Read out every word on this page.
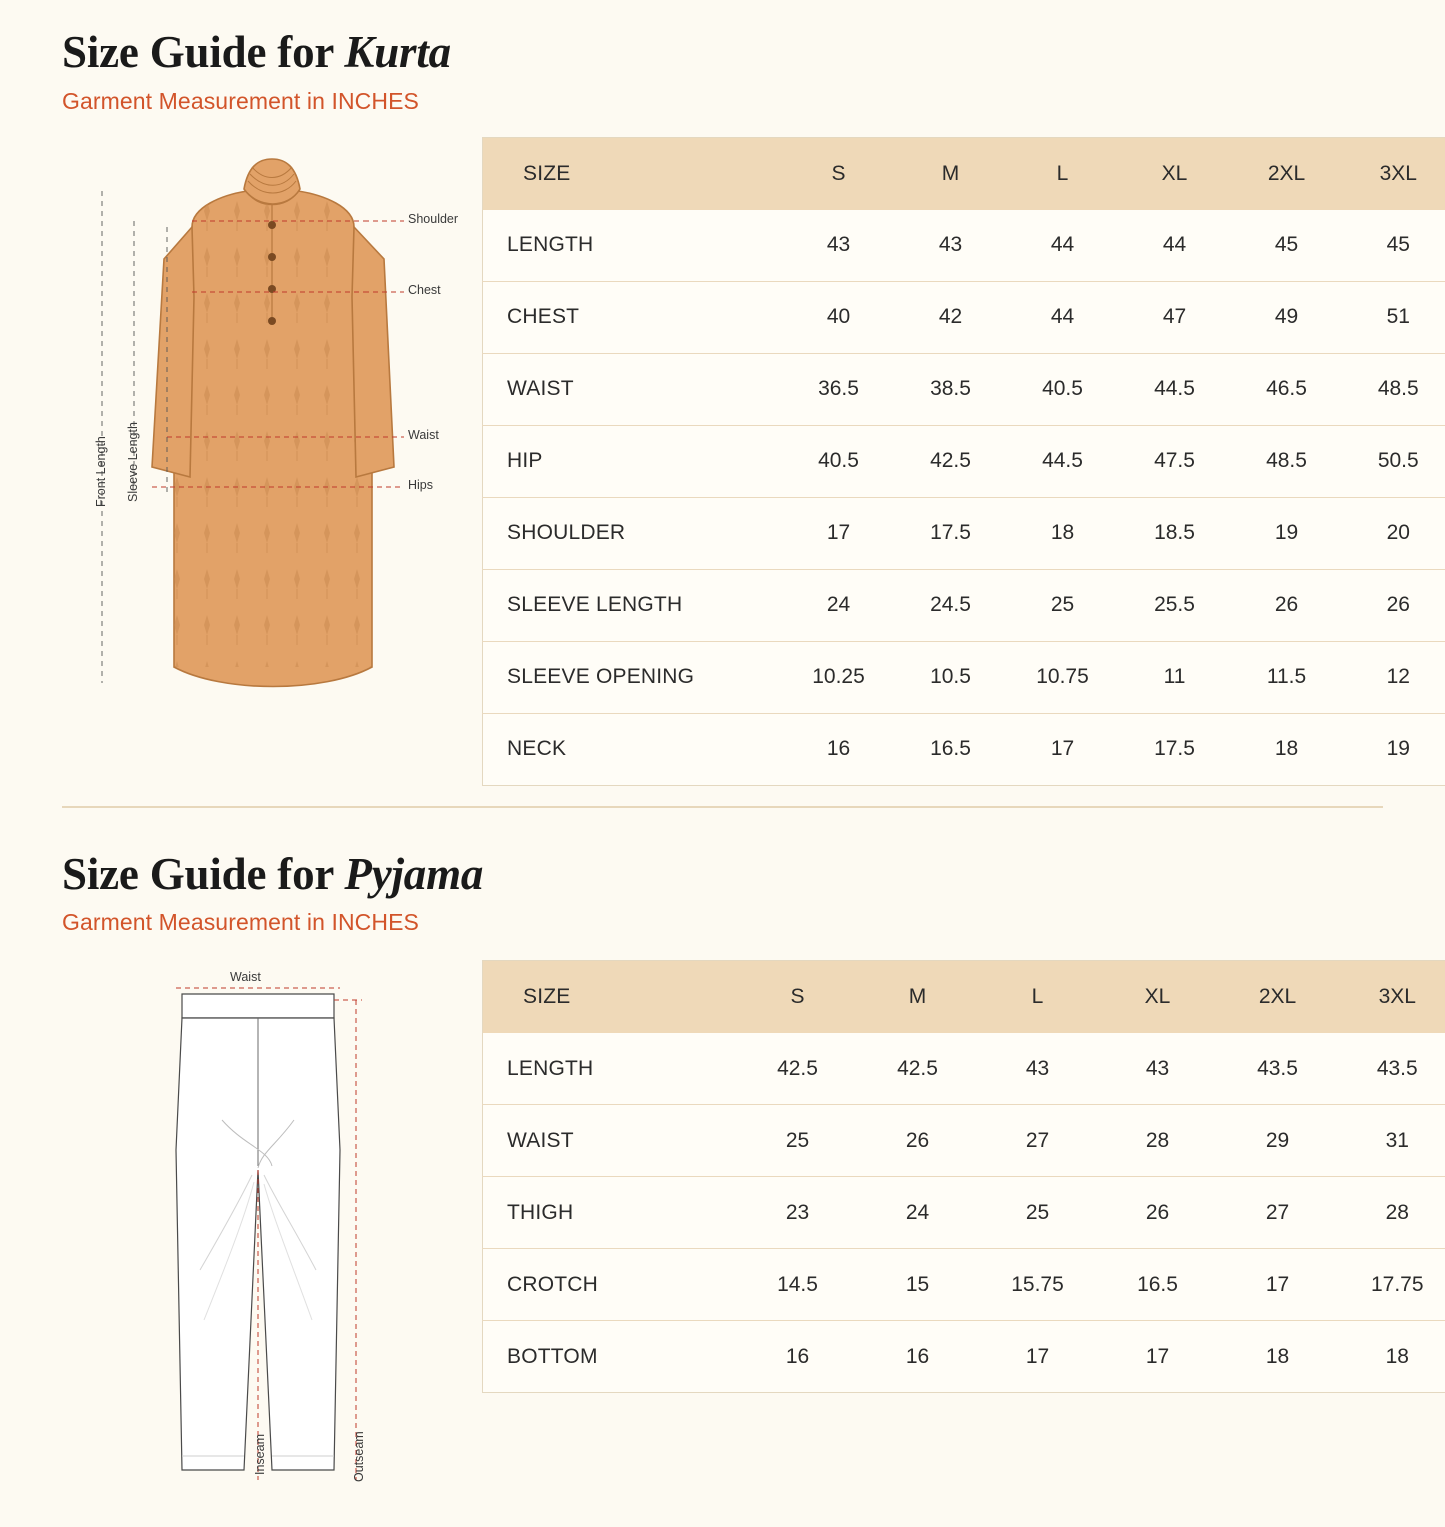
Size Guide for Kurta
Garment Measurement in INCHES
Front Length Sleeve Length
Shoulder
Chest
Waist
Hips
SIZE	S	M	L	XL	2XL	3XL
LENGTH	43	43	44	44	45	45
CHEST	40	42	44	47	49	51
WAIST	36.5	38.5	40.5	44.5	46.5	48.5
HIP	40.5	42.5	44.5	47.5	48.5	50.5
SHOULDER	17	17.5	18	18.5	19	20
SLEEVE LENGTH	24	24.5	25	25.5	26	26
SLEEVE OPENING	10.25	10.5	10.75	11	11.5	12
NECK	16	16.5	17	17.5	18	19
Size Guide for Pyjama
Garment Measurement in INCHES
Waist
Inseam	Outseam
SIZE	S	M	L	XL	2XL	3XL
LENGTH	42.5	42.5	43	43	43.5	43.5
WAIST	25	26	27	28	29	31
THIGH	23	24	25	26	27	28
CROTCH	14.5	15	15.75	16.5	17	17.75
BOTTOM	16	16	17	17	18	18
